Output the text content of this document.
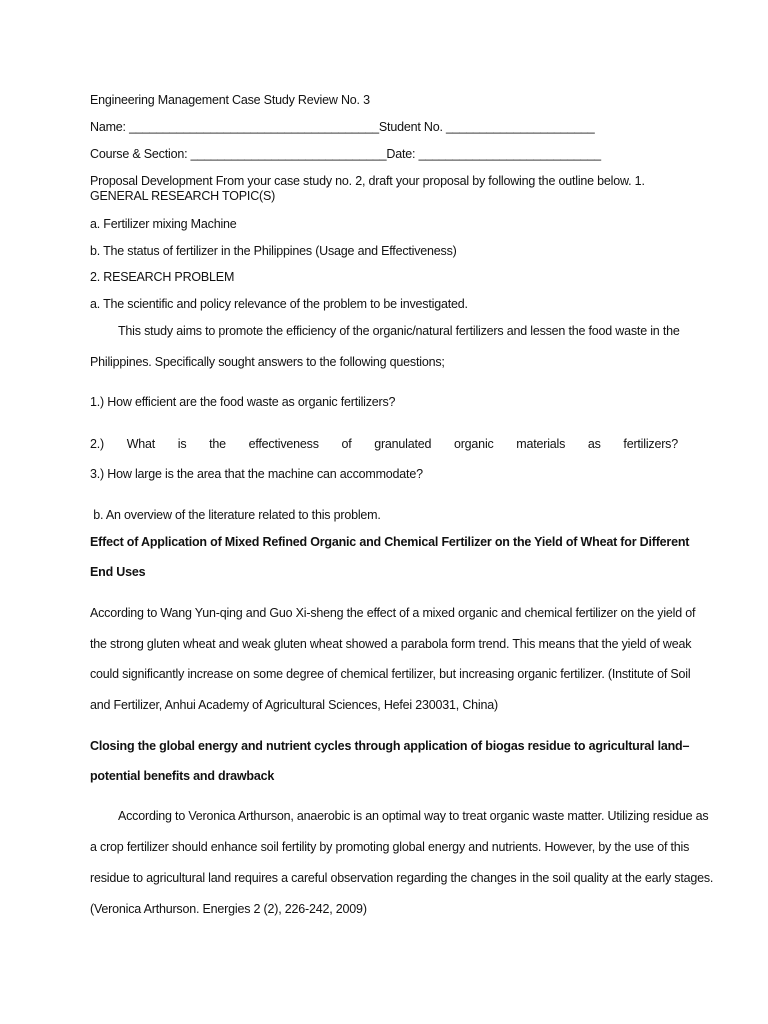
Engineering Management Case Study Review No. 3
Name: _____________________________________Student No. ______________________
Course & Section: _____________________________Date: ___________________________
Proposal Development From your case study no. 2, draft your proposal by following the outline below. 1. GENERAL RESEARCH TOPIC(S)
a. Fertilizer mixing Machine
b. The status of fertilizer in the Philippines (Usage and Effectiveness)
2. RESEARCH PROBLEM
a. The scientific and policy relevance of the problem to be investigated.
This study aims to promote the efficiency of the organic/natural fertilizers and lessen the food waste in the
Philippines. Specifically sought answers to the following questions;
1.) How efficient are the food waste as organic fertilizers?
2.) What is the effectiveness of granulated organic materials as fertilizers?
3.) How large is the area that the machine can accommodate?
b. An overview of the literature related to this problem.
Effect of Application of Mixed Refined Organic and Chemical Fertilizer on the Yield of Wheat for Different
End Uses
According to Wang Yun-qing and Guo Xi-sheng the effect of a mixed organic and chemical fertilizer on the yield of
the strong gluten wheat and weak gluten wheat showed a parabola form trend. This means that the yield of weak
could significantly increase on some degree of chemical fertilizer, but increasing organic fertilizer. (Institute of Soil
and Fertilizer, Anhui Academy of Agricultural Sciences, Hefei 230031, China)
Closing the global energy and nutrient cycles through application of biogas residue to agricultural land–
potential benefits and drawback
According to Veronica Arthurson, anaerobic is an optimal way to treat organic waste matter. Utilizing residue as
a crop fertilizer should enhance soil fertility by promoting global energy and nutrients. However, by the use of this
residue to agricultural land requires a careful observation regarding the changes in the soil quality at the early stages.
(Veronica Arthurson. Energies 2 (2), 226-242, 2009)
